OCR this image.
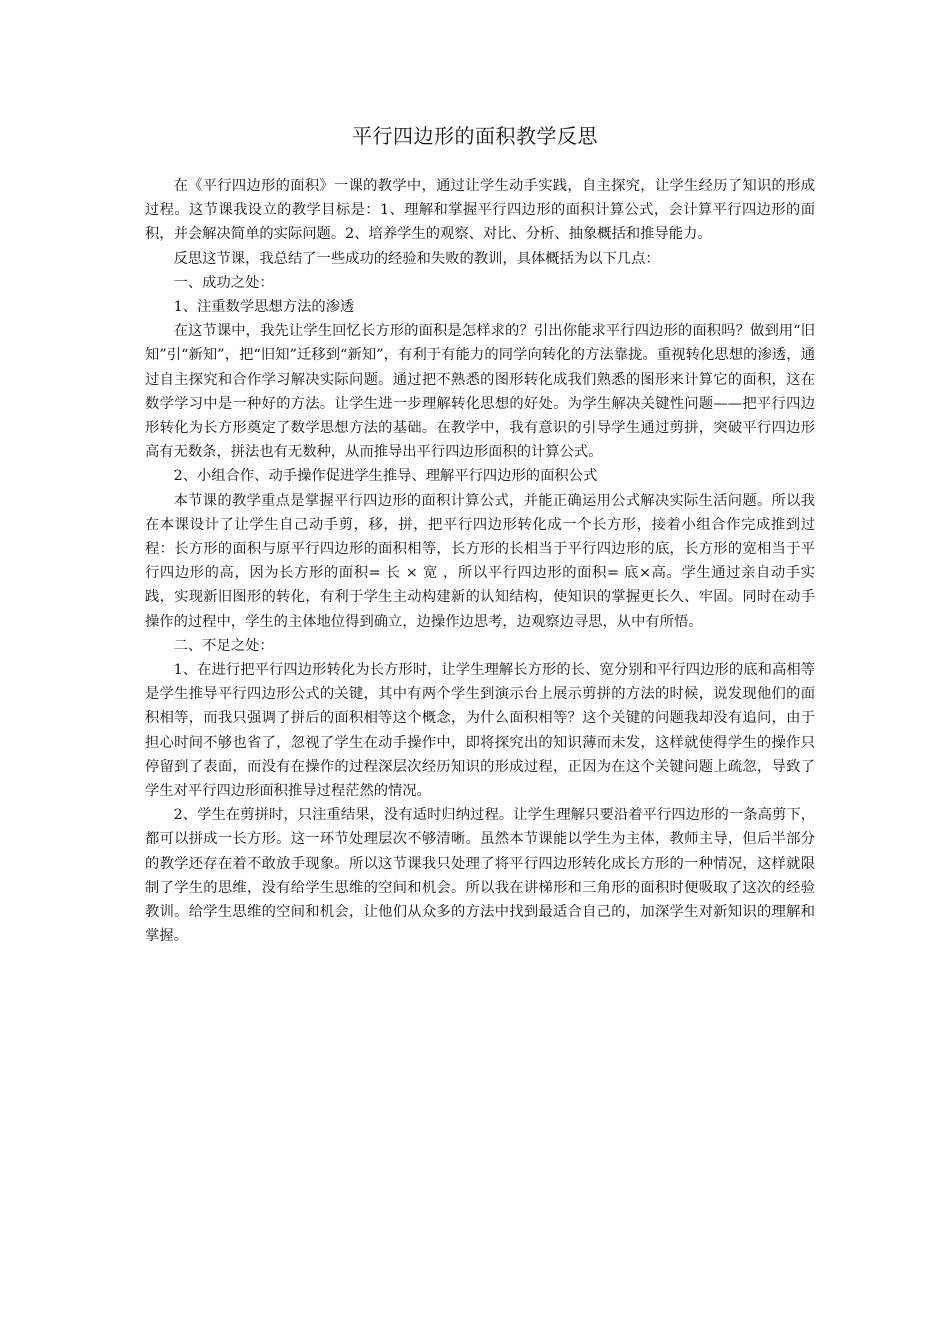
平行四边形的面积教学反思

在《平行四边形的面积》一课的教学中，通过让学生动手实践，自主探究，让学生经历了知识的形成过程。这节课我设立的教学目标是：1、理解和掌握平行四边形的面积计算公式，会计算平行四边形的面积，并会解决简单的实际问题。2、培养学生的观察、对比、分析、抽象概括和推导能力。

反思这节课，我总结了一些成功的经验和失败的教训，具体概括为以下几点：

一、成功之处：

1、注重数学思想方法的渗透

在这节课中，我先让学生回忆长方形的面积是怎样求的？引出你能求平行四边形的面积吗？做到用“旧知”引“新知”，把“旧知”迁移到“新知”，有利于有能力的同学向转化的方法靠拢。重视转化思想的渗透，通过自主探究和合作学习解决实际问题。通过把不熟悉的图形转化成我们熟悉的图形来计算它的面积，这在数学学习中是一种好的方法。让学生进一步理解转化思想的好处。为学生解决关键性问题——把平行四边形转化为长方形奠定了数学思想方法的基础。在教学中，我有意识的引导学生通过剪拼，突破平行四边形高有无数条，拼法也有无数种，从而推导出平行四边形面积的计算公式。

2、小组合作、动手操作促进学生推导、理解平行四边形的面积公式

本节课的教学重点是掌握平行四边形的面积计算公式，并能正确运用公式解决实际生活问题。所以我在本课设计了让学生自己动手剪，移，拼，把平行四边形转化成一个长方形，接着小组合作完成推到过程：长方形的面积与原平行四边形的面积相等，长方形的长相当于平行四边形的底，长方形的宽相当于平行四边形的高，因为长方形的面积= 长 × 宽 ，所以平行四边形的面积= 底×高。学生通过亲自动手实践，实现新旧图形的转化，有利于学生主动构建新的认知结构，使知识的掌握更长久、牢固。同时在动手操作的过程中，学生的主体地位得到确立，边操作边思考，边观察边寻思，从中有所悟。

二、不足之处：

1、在进行把平行四边形转化为长方形时，让学生理解长方形的长、宽分别和平行四边形的底和高相等是学生推导平行四边形公式的关键，其中有两个学生到演示台上展示剪拼的方法的时候，说发现他们的面积相等，而我只强调了拼后的面积相等这个概念，为什么面积相等？这个关键的问题我却没有追问，由于担心时间不够也省了，忽视了学生在动手操作中，即将探究出的知识薄而未发，这样就使得学生的操作只停留到了表面，而没有在操作的过程深层次经历知识的形成过程，正因为在这个关键问题上疏忽，导致了学生对平行四边形面积推导过程茫然的情况。

2、学生在剪拼时，只注重结果，没有适时归纳过程。让学生理解只要沿着平行四边形的一条高剪下，都可以拼成一长方形。这一环节处理层次不够清晰。虽然本节课能以学生为主体，教师主导，但后半部分的教学还存在着不敢放手现象。所以这节课我只处理了将平行四边形转化成长方形的一种情况，这样就限制了学生的思维，没有给学生思维的空间和机会。所以我在讲梯形和三角形的面积时便吸取了这次的经验教训。给学生思维的空间和机会，让他们从众多的方法中找到最适合自己的，加深学生对新知识的理解和掌握。
